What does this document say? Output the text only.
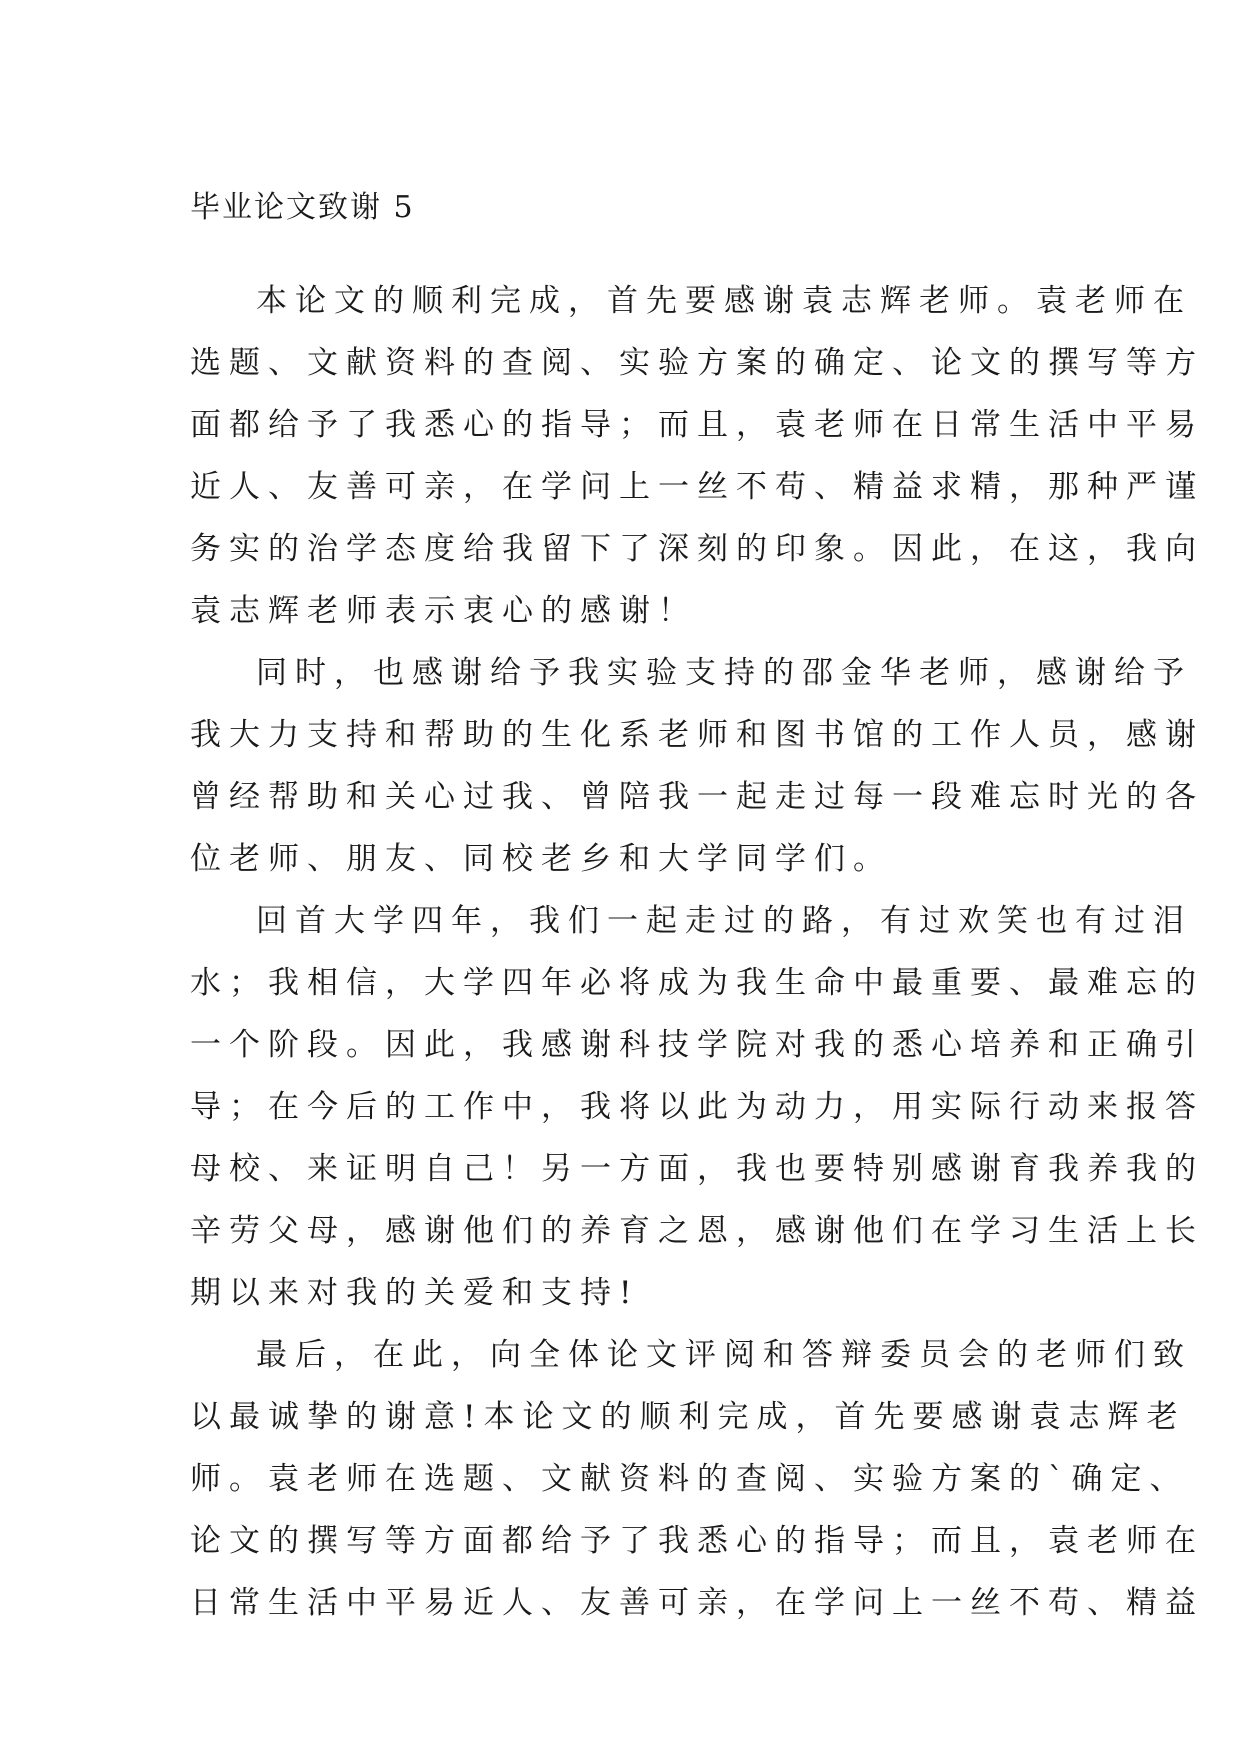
毕业论文致谢 5
本论文的顺利完成，首先要感谢袁志辉老师。袁老师在
选题、文献资料的查阅、实验方案的确定、论文的撰写等方
面都给予了我悉心的指导；而且，袁老师在日常生活中平易
近人、友善可亲，在学问上一丝不苟、精益求精，那种严谨
务实的治学态度给我留下了深刻的印象。因此，在这，我向
袁志辉老师表示衷心的感谢！
同时，也感谢给予我实验支持的邵金华老师，感谢给予
我大力支持和帮助的生化系老师和图书馆的工作人员，感谢
曾经帮助和关心过我、曾陪我一起走过每一段难忘时光的各
位老师、朋友、同校老乡和大学同学们。
回首大学四年，我们一起走过的路，有过欢笑也有过泪
水；我相信，大学四年必将成为我生命中最重要、最难忘的
一个阶段。因此，我感谢科技学院对我的悉心培养和正确引
导；在今后的工作中，我将以此为动力，用实际行动来报答
母校、来证明自己！另一方面，我也要特别感谢育我养我的
辛劳父母，感谢他们的养育之恩，感谢他们在学习生活上长
期以来对我的关爱和支持!
最后，在此，向全体论文评阅和答辩委员会的老师们致
以最诚挚的谢意!本论文的顺利完成，首先要感谢袁志辉老
师。袁老师在选题、文献资料的查阅、实验方案的`确定、
论文的撰写等方面都给予了我悉心的指导；而且，袁老师在
日常生活中平易近人、友善可亲，在学问上一丝不苟、精益
